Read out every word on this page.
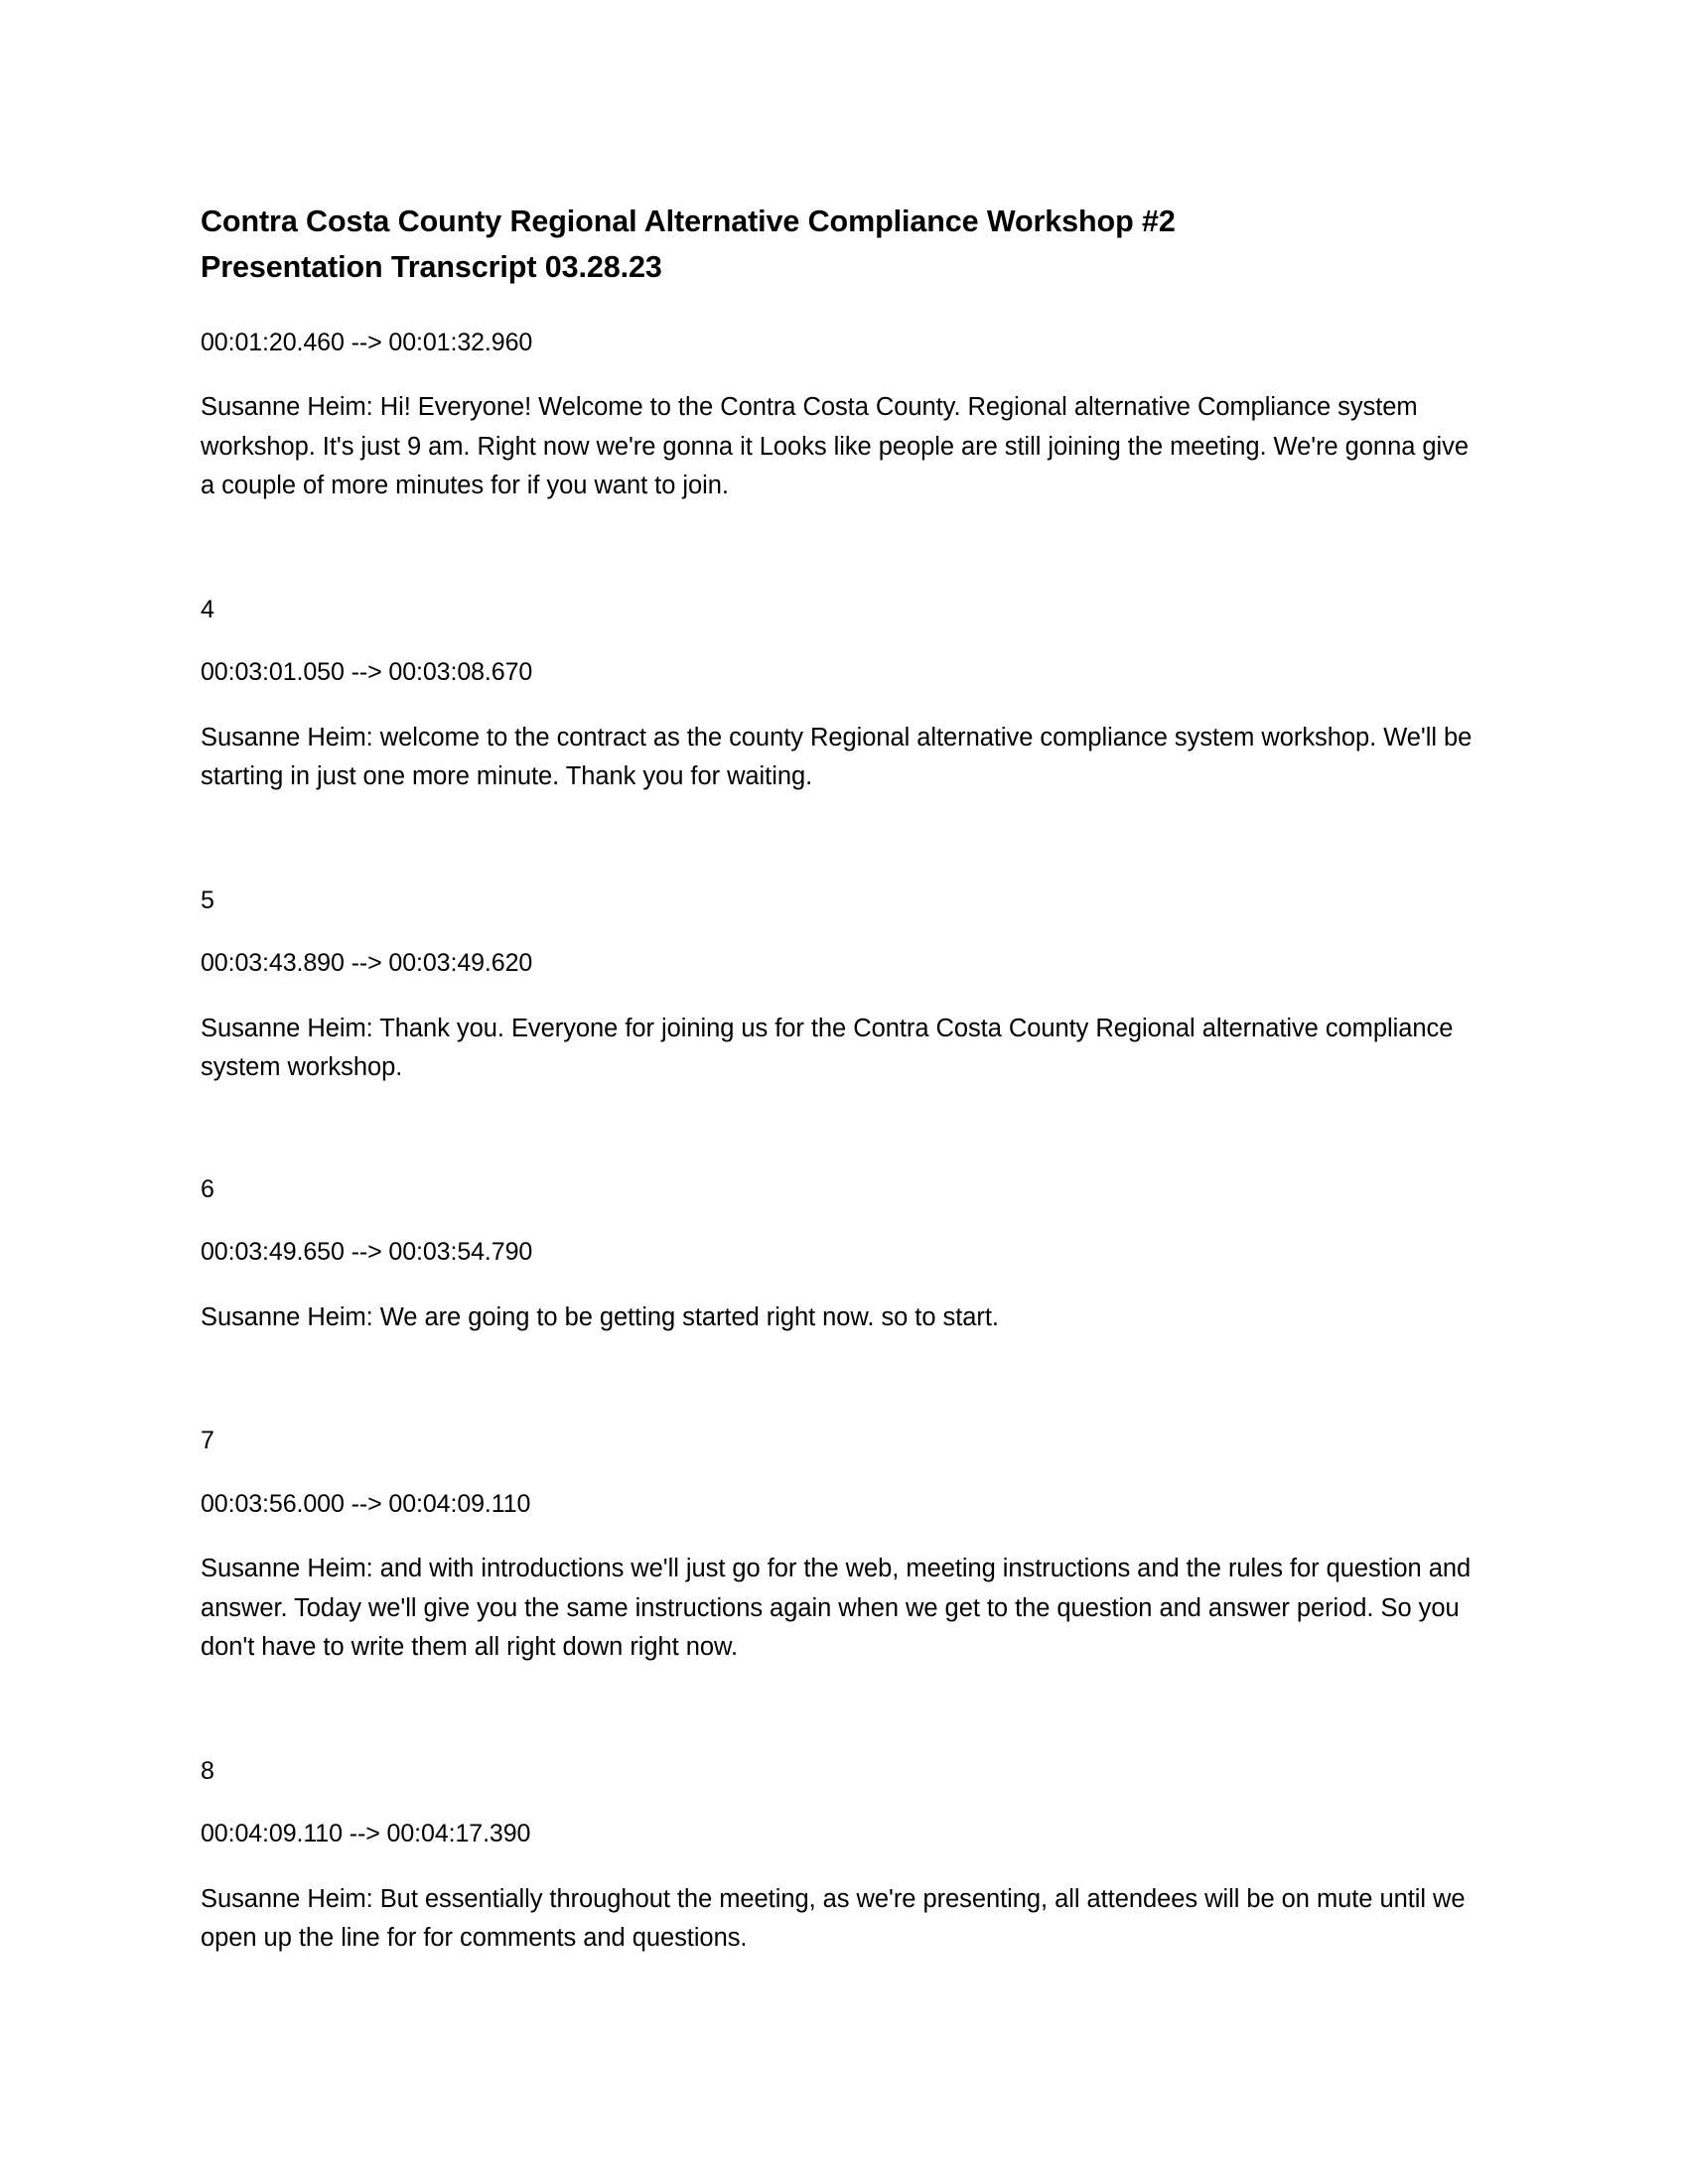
Contra Costa County Regional Alternative Compliance Workshop #2
Presentation Transcript 03.28.23
00:01:20.460 --> 00:01:32.960

Susanne Heim: Hi! Everyone! Welcome to the Contra Costa County. Regional alternative Compliance system workshop. It's just 9 am. Right now we're gonna it Looks like people are still joining the meeting. We're gonna give a couple of more minutes for if you want to join.

4
00:03:01.050 --> 00:03:08.670

Susanne Heim: welcome to the contract as the county Regional alternative compliance system workshop. We'll be starting in just one more minute. Thank you for waiting.

5
00:03:43.890 --> 00:03:49.620

Susanne Heim: Thank you. Everyone for joining us for the Contra Costa County Regional alternative compliance system workshop.

6
00:03:49.650 --> 00:03:54.790

Susanne Heim: We are going to be getting started right now. so to start.

7
00:03:56.000 --> 00:04:09.110

Susanne Heim: and with introductions we'll just go for the web, meeting instructions and the rules for question and answer. Today we'll give you the same instructions again when we get to the question and answer period. So you don't have to write them all right down right now.

8
00:04:09.110 --> 00:04:17.390

Susanne Heim: But essentially throughout the meeting, as we're presenting, all attendees will be on mute until we open up the line for for comments and questions.
